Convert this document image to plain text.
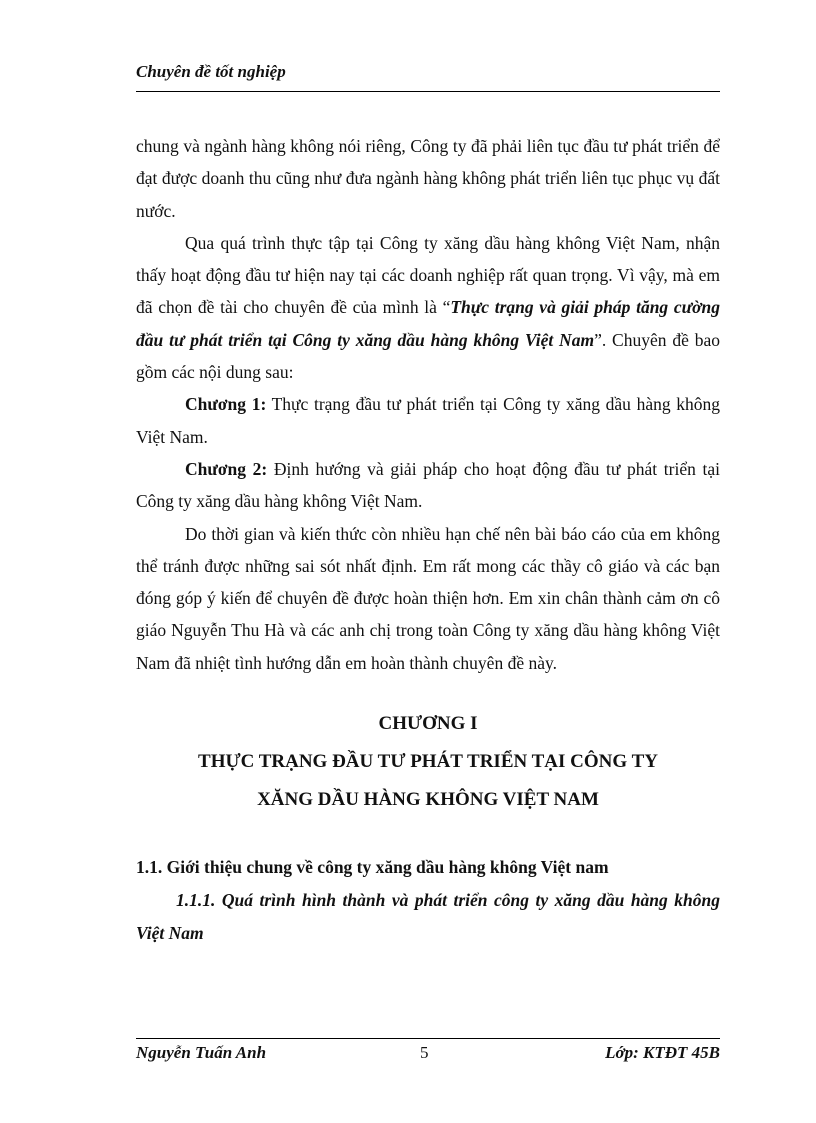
Chuyên đề tốt nghiệp

chung và ngành hàng không nói riêng, Công ty đã phải liên tục đầu tư phát triển để đạt được doanh thu cũng như đưa ngành hàng không phát triển liên tục phục vụ đất nước.

Qua quá trình thực tập tại Công ty xăng dầu hàng không Việt Nam, nhận thấy hoạt động đầu tư hiện nay tại các doanh nghiệp rất quan trọng. Vì vậy, mà em đã chọn đề tài cho chuyên đề của mình là “Thực trạng và giải pháp tăng cường đầu tư phát triển tại Công ty xăng dầu hàng không Việt Nam”. Chuyên đề bao gồm các nội dung sau:

Chương 1: Thực trạng đầu tư phát triển tại Công ty xăng dầu hàng không Việt Nam.

Chương 2: Định hướng và giải pháp cho hoạt động đầu tư phát triển tại Công ty xăng dầu hàng không Việt Nam.

Do thời gian và kiến thức còn nhiều hạn chế nên bài báo cáo của em không thể tránh được những sai sót nhất định. Em rất mong các thầy cô giáo và các bạn đóng góp ý kiến để chuyên đề được hoàn thiện hơn. Em xin chân thành cảm ơn cô giáo Nguyễn Thu Hà và các anh chị trong toàn Công ty xăng dầu hàng không Việt Nam đã nhiệt tình hướng dẫn em hoàn thành chuyên đề này.

CHƯƠNG I
THỰC TRẠNG ĐẦU TƯ PHÁT TRIỂN TẠI CÔNG TY
XĂNG DẦU HÀNG KHÔNG VIỆT NAM
1.1. Giới thiệu chung về công ty xăng dầu hàng không Việt nam
1.1.1. Quá trình hình thành và phát triển công ty xăng dầu hàng không Việt Nam
Nguyễn Tuấn Anh	5	Lớp: KTĐT 45B
